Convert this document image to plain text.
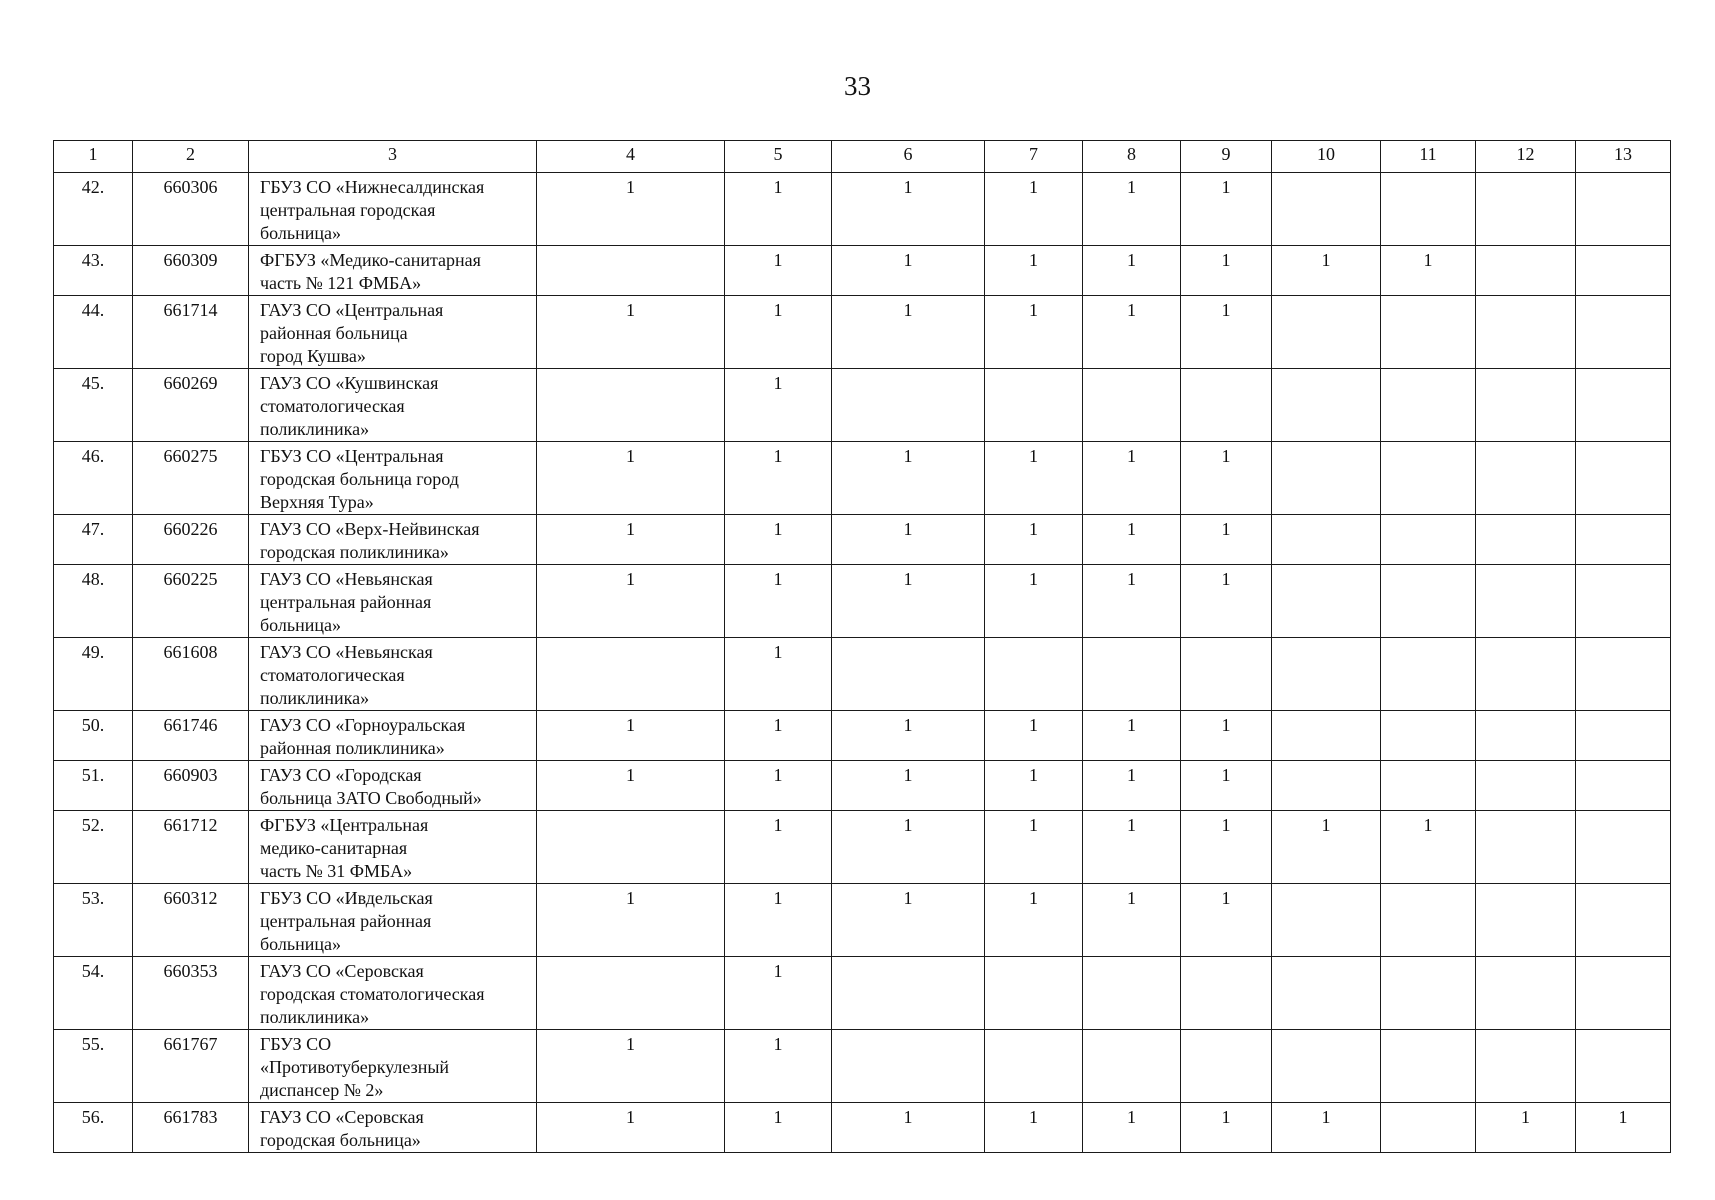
33
1	2	3	4	5	6	7	8	9	10	11	12	13
42.	660306	ГБУЗ СО «Нижнесалдинская
центральная городская
больница»	1	1	1	1	1	1				
43.	660309	ФГБУЗ «Медико-санитарная
часть № 121 ФМБА»		1	1	1	1	1	1	1		
44.	661714	ГАУЗ СО «Центральная
районная больница
город Кушва»	1	1	1	1	1	1				
45.	660269	ГАУЗ СО «Кушвинская
стоматологическая
поликлиника»		1								
46.	660275	ГБУЗ СО «Центральная
городская больница город
Верхняя Тура»	1	1	1	1	1	1				
47.	660226	ГАУЗ СО «Верх-Нейвинская
городская поликлиника»	1	1	1	1	1	1				
48.	660225	ГАУЗ СО «Невьянская
центральная районная
больница»	1	1	1	1	1	1				
49.	661608	ГАУЗ СО «Невьянская
стоматологическая
поликлиника»		1								
50.	661746	ГАУЗ СО «Горноуральская
районная поликлиника»	1	1	1	1	1	1				
51.	660903	ГАУЗ СО «Городская
больница ЗАТО Свободный»	1	1	1	1	1	1				
52.	661712	ФГБУЗ «Центральная
медико-санитарная
часть № 31 ФМБА»		1	1	1	1	1	1	1		
53.	660312	ГБУЗ СО «Ивдельская
центральная районная
больница»	1	1	1	1	1	1				
54.	660353	ГАУЗ СО «Серовская
городская стоматологическая
поликлиника»		1								
55.	661767	ГБУЗ СО
«Противотуберкулезный
диспансер № 2»	1	1								
56.	661783	ГАУЗ СО «Серовская
городская больница»	1	1	1	1	1	1	1		1	1
